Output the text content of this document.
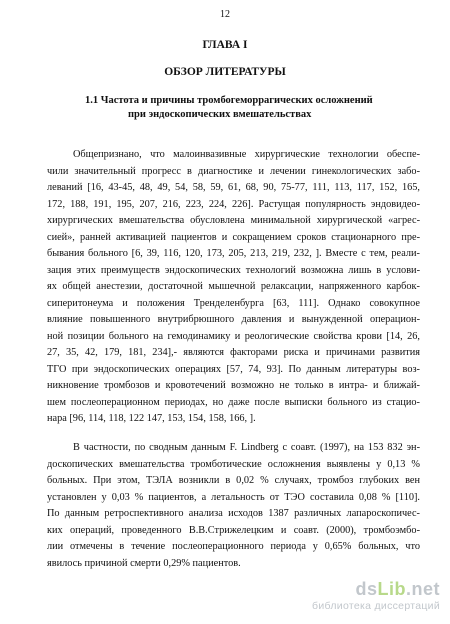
12
ГЛАВА I
ОБЗОР ЛИТЕРАТУРЫ
1.1 Частота и причины тромбогеморрагических осложнений
при эндоскопических вмешательствах
Общепризнано, что малоинвазивные хирургические технологии обеспе-
чили значительный прогресс в диагностике и лечении гинекологических забо-
леваний [16, 43-45, 48, 49, 54, 58, 59, 61, 68, 90, 75-77, 111, 113, 117, 152, 165,
172, 188, 191, 195, 207, 216, 223, 224, 226]. Растущая популярность эндовидео-
хирургических вмешательства обусловлена минимальной хирургической «агрес-
сией», ранней активацией пациентов и сокращением сроков стационарного пре-
бывания больного [6, 39, 116, 120, 173, 205, 213, 219, 232, ]. Вместе с тем, реали-
зация этих преимуществ эндоскопических технологий возможна лишь в услови-
ях общей анестезии, достаточной мышечной релаксации, напряженного карбок-
сиперитонеума и положения Тренделенбурга [63, 111]. Однако совокупное
влияние повышенного внутрибрюшного давления и вынужденной операцион-
ной позиции больного на гемодинамику и реологические свойства крови [14, 26,
27, 35, 42, 179, 181, 234],- являются факторами риска и причинами развития
ТГО при эндоскопических операциях [57, 74, 93]. По данным литературы воз-
никновение тромбозов и кровотечений возможно не только в интра- и ближай-
шем послеоперационном периодах, но даже после выписки больного из стацио-
нара [96, 114, 118, 122 147, 153, 154, 158, 166, ].
В частности, по сводным данным F. Lindberg с соавт. (1997), на 153 832 эн-
доскопических вмешательства тромботические осложнения выявлены у 0,13 %
больных. При этом, ТЭЛА возникли в 0,02 % случаях, тромбоз глубоких вен
установлен у 0,03 % пациентов, а летальность от ТЭО составила 0,08 % [110].
По данным ретроспективного анализа исходов 1387 различных лапароскопичес-
ких операций, проведенного В.В.Стрижелецким и соавт. (2000), тромбоэмбо-
лии отмечены в течение послеоперационного периода у 0,65% больных, что
явилось причиной смерти 0,29% пациентов.
dsLib.net
библиотека диссертаций
